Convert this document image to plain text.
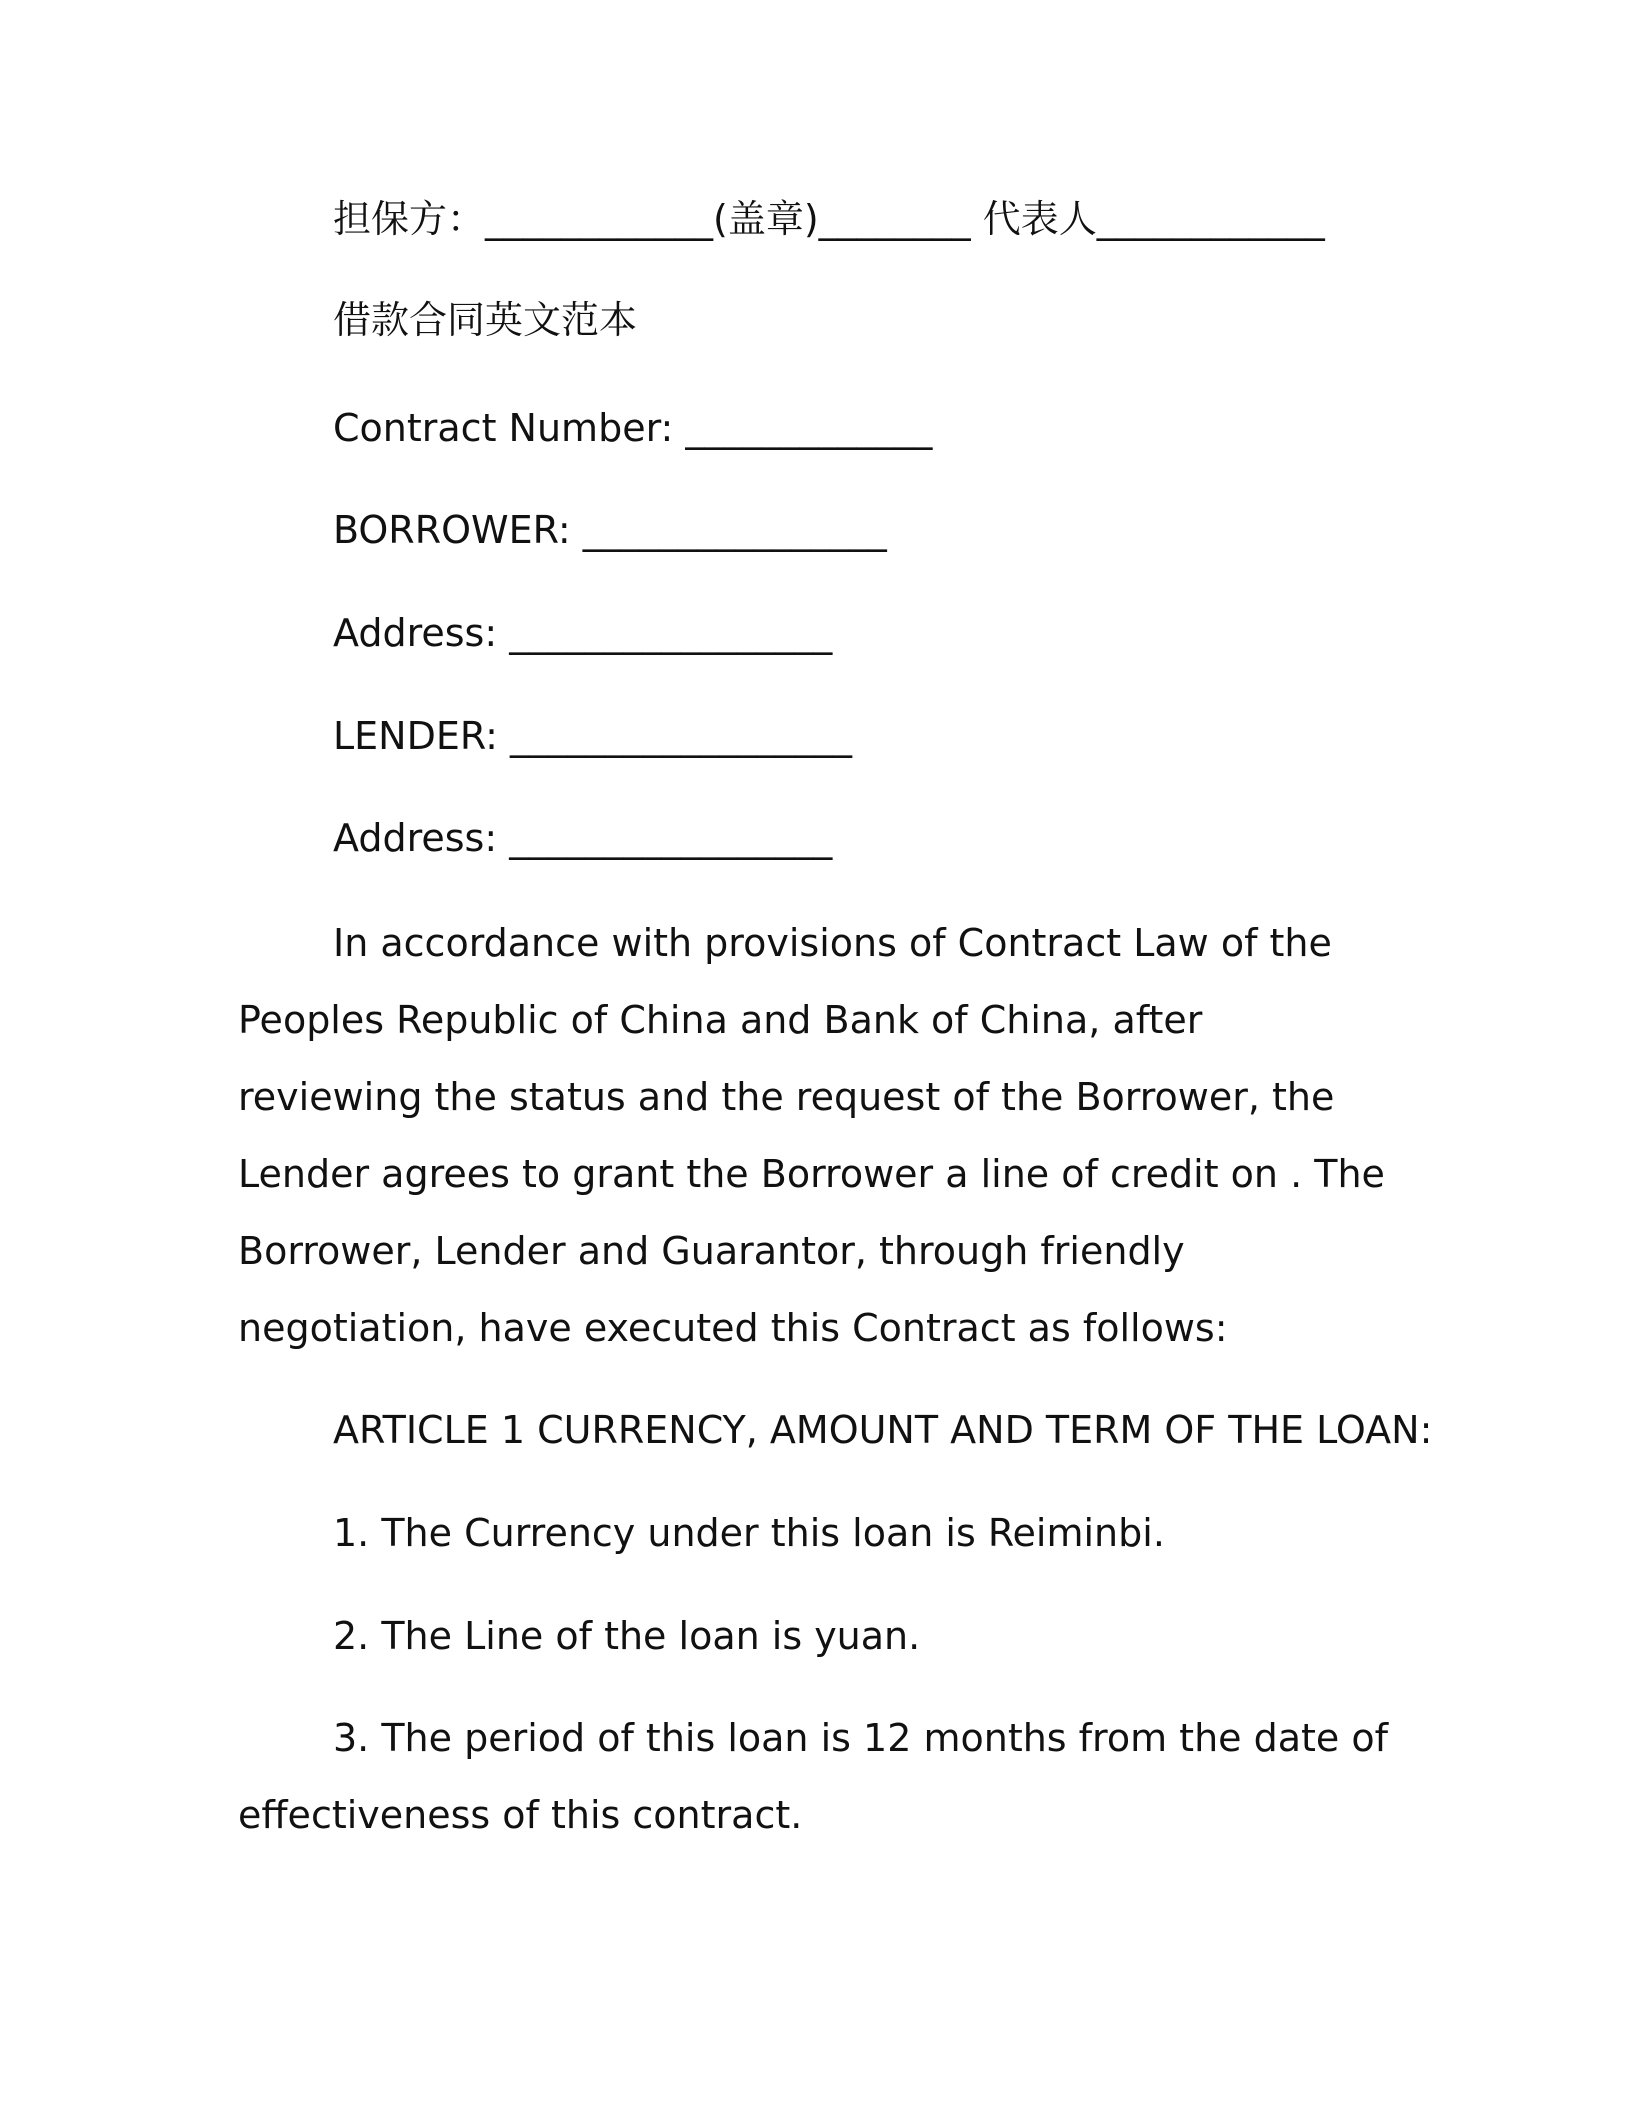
担保方：____________(盖章)________ 代表人____________
借款合同英文范本
Contract Number: _____________
BORROWER: ________________
Address: _________________
LENDER: __________________
Address: _________________

In accordance with provisions of Contract Law of the Peoples Republic of China and Bank of China, after reviewing the status and the request of the Borrower, the Lender agrees to grant the Borrower a line of credit on . The Borrower, Lender and Guarantor, through friendly negotiation, have executed this Contract as follows:

ARTICLE 1 CURRENCY, AMOUNT AND TERM OF THE LOAN:
1. The Currency under this loan is Reiminbi.
2. The Line of the loan is yuan.

3. The period of this loan is 12 months from the date of effectiveness of this contract.
